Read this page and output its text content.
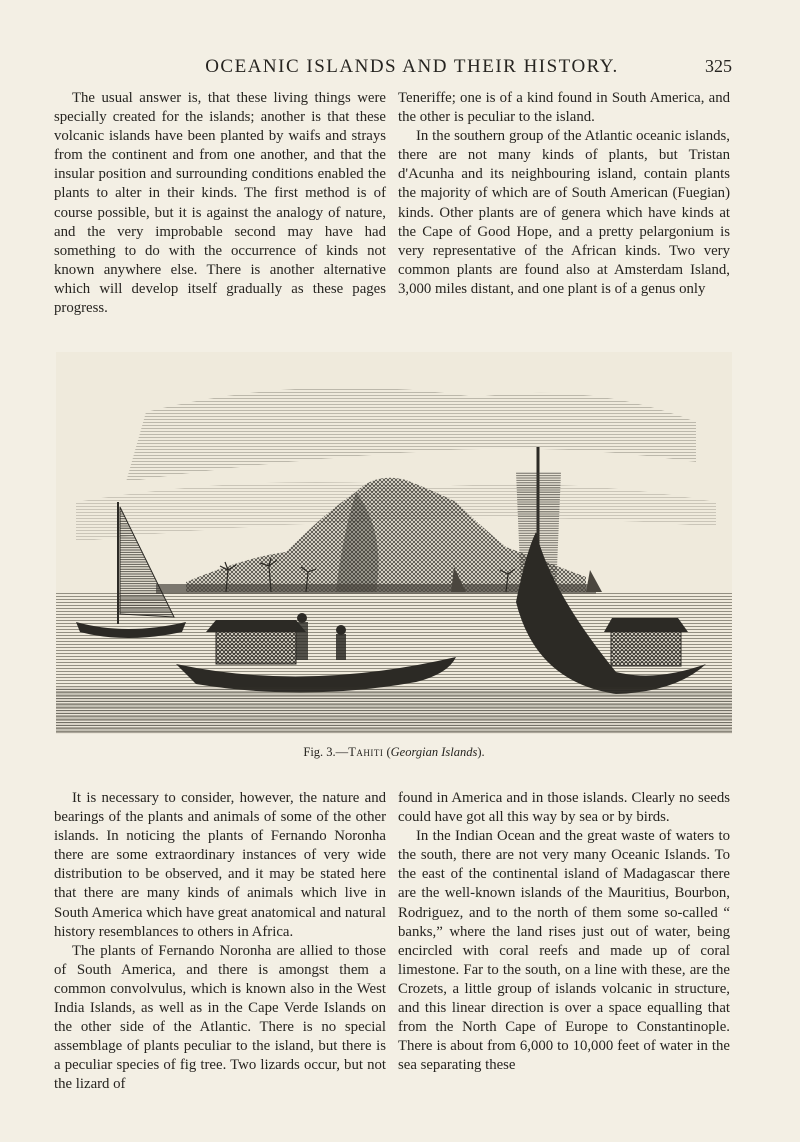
OCEANIC ISLANDS AND THEIR HISTORY.	325

The usual answer is, that these living things were specially created for the islands; another is that these volcanic islands have been planted by waifs and strays from the continent and from one another, and that the insular position and surrounding conditions enabled the plants to alter in their kinds. The first method is of course possible, but it is against the analogy of nature, and the very improbable second may have had something to do with the occurrence of kinds not known anywhere else. There is another alternative which will develop itself gradually as these pages progress.

Teneriffe; one is of a kind found in South America, and the other is peculiar to the island.

In the southern group of the Atlantic oceanic islands, there are not many kinds of plants, but Tristan d'Acunha and its neighbouring island, contain plants the majority of which are of South American (Fuegian) kinds. Other plants are of genera which have kinds at the Cape of Good Hope, and a pretty pelargonium is very representative of the African kinds. Two very common plants are found also at Amsterdam Island, 3,000 miles distant, and one plant is of a genus only

Fig. 3.—Tahiti (Georgian Islands).

It is necessary to consider, however, the nature and bearings of the plants and animals of some of the other islands. In noticing the plants of Fernando Noronha there are some extraordinary instances of very wide distribution to be observed, and it may be stated here that there are many kinds of animals which live in South America which have great anatomical and natural history resemblances to others in Africa.

The plants of Fernando Noronha are allied to those of South America, and there is amongst them a common convolvulus, which is known also in the West India Islands, as well as in the Cape Verde Islands on the other side of the Atlantic. There is no special assemblage of plants peculiar to the island, but there is a peculiar species of fig tree. Two lizards occur, but not the lizard of

found in America and in those islands. Clearly no seeds could have got all this way by sea or by birds.

In the Indian Ocean and the great waste of waters to the south, there are not very many Oceanic Islands. To the east of the continental island of Madagascar there are the well-known islands of the Mauritius, Bourbon, Rodriguez, and to the north of them some so-called “ banks,” where the land rises just out of water, being encircled with coral reefs and made up of coral limestone. Far to the south, on a line with these, are the Crozets, a little group of islands volcanic in structure, and this linear direction is over a space equalling that from the North Cape of Europe to Constantinople. There is about from 6,000 to 10,000 feet of water in the sea separating these
